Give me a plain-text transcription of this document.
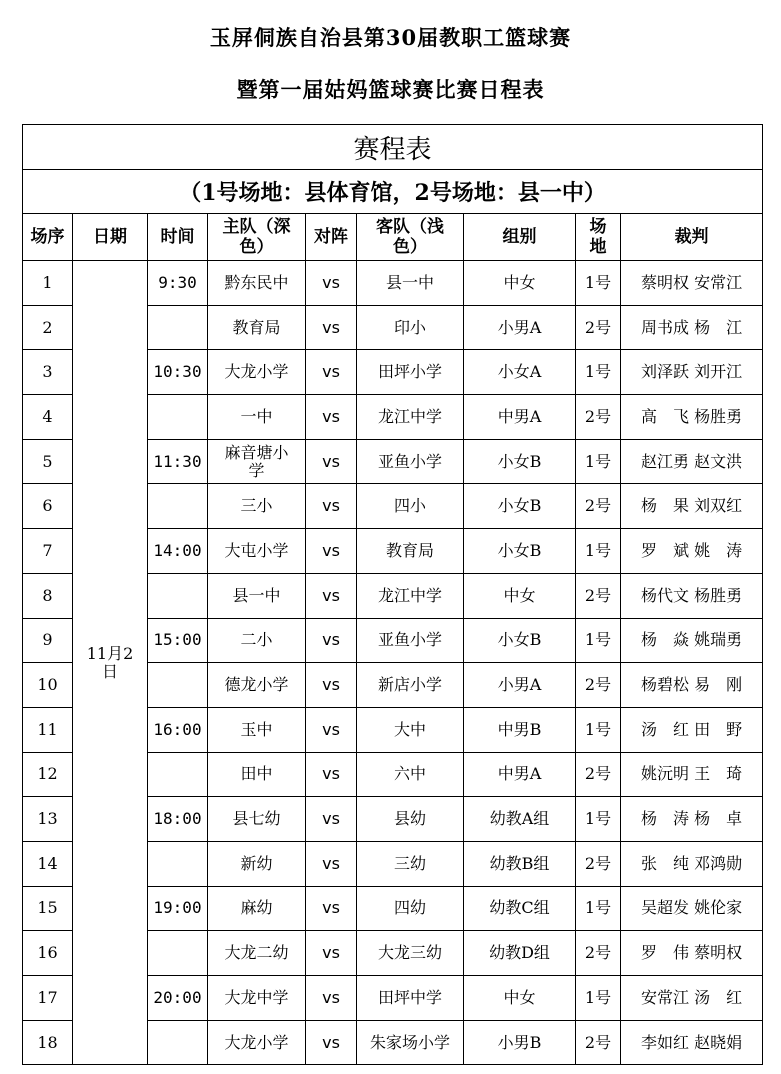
玉屏侗族自治县第30届教职工篮球赛
暨第一届姑妈篮球赛比赛日程表
赛程表								
（1号场地：县体育馆，2号场地：县一中）								

场序	日期	时间	主队（深色）	对阵	客队（浅色）	组别	场地	裁判
1	11月2日	9:30	黔东民中	vs	县一中	中女	1号	蔡明权 安常江
2			教育局	vs	印小	小男A	2号	周书成 杨　江
3		10:30	大龙小学	vs	田坪小学	小女A	1号	刘泽跃 刘开江
4			一中	vs	龙江中学	中男A	2号	高　飞 杨胜勇
5		11:30	麻音塘小学	vs	亚鱼小学	小女B	1号	赵江勇 赵文洪
6			三小	vs	四小	小女B	2号	杨　果 刘双红
7		14:00	大屯小学	vs	教育局	小女B	1号	罗　斌 姚　涛
8			县一中	vs	龙江中学	中女	2号	杨代文 杨胜勇
9		15:00	二小	vs	亚鱼小学	小女B	1号	杨　焱 姚瑞勇
10			德龙小学	vs	新店小学	小男A	2号	杨碧松 易　刚
11		16:00	玉中	vs	大中	中男B	1号	汤　红 田　野
12			田中	vs	六中	中男A	2号	姚沅明 王　琦
13		18:00	县七幼	vs	县幼	幼教A组	1号	杨　涛 杨　卓
14			新幼	vs	三幼	幼教B组	2号	张　纯 邓鸿勋
15		19:00	麻幼	vs	四幼	幼教C组	1号	吴超发 姚伦家
16			大龙二幼	vs	大龙三幼	幼教D组	2号	罗　伟 蔡明权
17		20:00	大龙中学	vs	田坪中学	中女	1号	安常江 汤　红
18			大龙小学	vs	朱家场小学	小男B	2号	李如红 赵晓娟
